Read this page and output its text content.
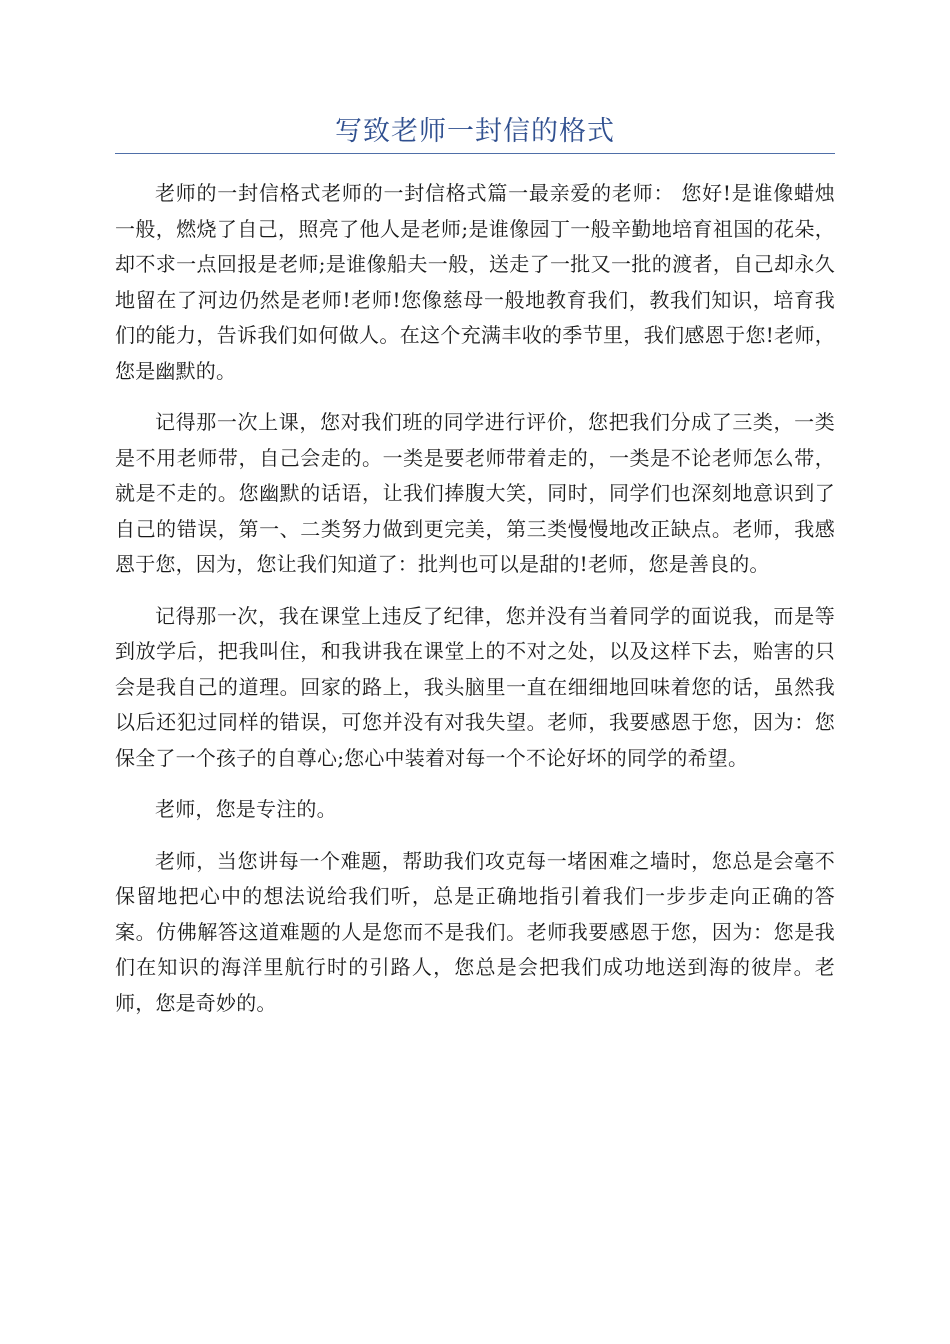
写致老师一封信的格式

老师的一封信格式老师的一封信格式篇一最亲爱的老师： 您好!是谁像蜡烛一般，燃烧了自己，照亮了他人是老师;是谁像园丁一般辛勤地培育祖国的花朵，却不求一点回报是老师;是谁像船夫一般，送走了一批又一批的渡者，自己却永久地留在了河边仍然是老师!老师!您像慈母一般地教育我们，教我们知识，培育我们的能力，告诉我们如何做人。在这个充满丰收的季节里，我们感恩于您!老师，您是幽默的。

记得那一次上课，您对我们班的同学进行评价，您把我们分成了三类，一类是不用老师带，自己会走的。一类是要老师带着走的，一类是不论老师怎么带，就是不走的。您幽默的话语，让我们捧腹大笑，同时，同学们也深刻地意识到了自己的错误，第一、二类努力做到更完美，第三类慢慢地改正缺点。老师，我感恩于您，因为，您让我们知道了：批判也可以是甜的!老师，您是善良的。

记得那一次，我在课堂上违反了纪律，您并没有当着同学的面说我，而是等到放学后，把我叫住，和我讲我在课堂上的不对之处，以及这样下去，贻害的只会是我自己的道理。回家的路上，我头脑里一直在细细地回味着您的话，虽然我以后还犯过同样的错误，可您并没有对我失望。老师，我要感恩于您，因为：您保全了一个孩子的自尊心;您心中装着对每一个不论好坏的同学的希望。

老师，您是专注的。

老师，当您讲每一个难题，帮助我们攻克每一堵困难之墙时，您总是会毫不保留地把心中的想法说给我们听，总是正确地指引着我们一步步走向正确的答案。仿佛解答这道难题的人是您而不是我们。老师我要感恩于您，因为：您是我们在知识的海洋里航行时的引路人，您总是会把我们成功地送到海的彼岸。老师，您是奇妙的。
